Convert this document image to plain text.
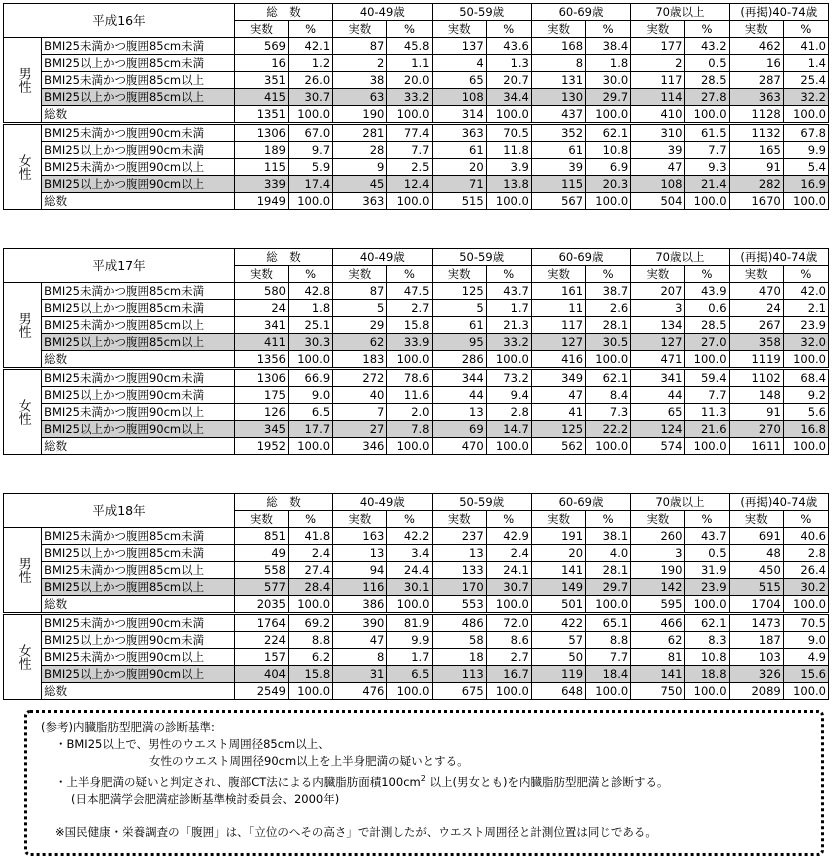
平成16年		総　数		40-49歳		50-59歳		60-69歳		70歳以上		(再掲)40-74歳	
		実数	%	実数	%	実数	%	実数	%	実数	%	実数	%
男性	BMI25未満かつ腹囲85cm未満	569	42.1	87	45.8	137	43.6	168	38.4	177	43.2	462	41.0
	BMI25以上かつ腹囲85cm未満	16	1.2	2	1.1	4	1.3	8	1.8	2	0.5	16	1.4
	BMI25未満かつ腹囲85cm以上	351	26.0	38	20.0	65	20.7	131	30.0	117	28.5	287	25.4
	BMI25以上かつ腹囲85cm以上	415	30.7	63	33.2	108	34.4	130	29.7	114	27.8	363	32.2
	総数	1351	100.0	190	100.0	314	100.0	437	100.0	410	100.0	1128	100.0
女性	BMI25未満かつ腹囲90cm未満	1306	67.0	281	77.4	363	70.5	352	62.1	310	61.5	1132	67.8
	BMI25以上かつ腹囲90cm未満	189	9.7	28	7.7	61	11.8	61	10.8	39	7.7	165	9.9
	BMI25未満かつ腹囲90cm以上	115	5.9	9	2.5	20	3.9	39	6.9	47	9.3	91	5.4
	BMI25以上かつ腹囲90cm以上	339	17.4	45	12.4	71	13.8	115	20.3	108	21.4	282	16.9
	総数	1949	100.0	363	100.0	515	100.0	567	100.0	504	100.0	1670	100.0
平成17年		総　数		40-49歳		50-59歳		60-69歳		70歳以上		(再掲)40-74歳	
		実数	%	実数	%	実数	%	実数	%	実数	%	実数	%
男性	BMI25未満かつ腹囲85cm未満	580	42.8	87	47.5	125	43.7	161	38.7	207	43.9	470	42.0
	BMI25以上かつ腹囲85cm未満	24	1.8	5	2.7	5	1.7	11	2.6	3	0.6	24	2.1
	BMI25未満かつ腹囲85cm以上	341	25.1	29	15.8	61	21.3	117	28.1	134	28.5	267	23.9
	BMI25以上かつ腹囲85cm以上	411	30.3	62	33.9	95	33.2	127	30.5	127	27.0	358	32.0
	総数	1356	100.0	183	100.0	286	100.0	416	100.0	471	100.0	1119	100.0
女性	BMI25未満かつ腹囲90cm未満	1306	66.9	272	78.6	344	73.2	349	62.1	341	59.4	1102	68.4
	BMI25以上かつ腹囲90cm未満	175	9.0	40	11.6	44	9.4	47	8.4	44	7.7	148	9.2
	BMI25未満かつ腹囲90cm以上	126	6.5	7	2.0	13	2.8	41	7.3	65	11.3	91	5.6
	BMI25以上かつ腹囲90cm以上	345	17.7	27	7.8	69	14.7	125	22.2	124	21.6	270	16.8
	総数	1952	100.0	346	100.0	470	100.0	562	100.0	574	100.0	1611	100.0
平成18年		総　数		40-49歳		50-59歳		60-69歳		70歳以上		(再掲)40-74歳	
		実数	%	実数	%	実数	%	実数	%	実数	%	実数	%
男性	BMI25未満かつ腹囲85cm未満	851	41.8	163	42.2	237	42.9	191	38.1	260	43.7	691	40.6
	BMI25以上かつ腹囲85cm未満	49	2.4	13	3.4	13	2.4	20	4.0	3	0.5	48	2.8
	BMI25未満かつ腹囲85cm以上	558	27.4	94	24.4	133	24.1	141	28.1	190	31.9	450	26.4
	BMI25以上かつ腹囲85cm以上	577	28.4	116	30.1	170	30.7	149	29.7	142	23.9	515	30.2
	総数	2035	100.0	386	100.0	553	100.0	501	100.0	595	100.0	1704	100.0
女性	BMI25未満かつ腹囲90cm未満	1764	69.2	390	81.9	486	72.0	422	65.1	466	62.1	1473	70.5
	BMI25以上かつ腹囲90cm未満	224	8.8	47	9.9	58	8.6	57	8.8	62	8.3	187	9.0
	BMI25未満かつ腹囲90cm以上	157	6.2	8	1.7	18	2.7	50	7.7	81	10.8	103	4.9
	BMI25以上かつ腹囲90cm以上	404	15.8	31	6.5	113	16.7	119	18.4	141	18.8	326	15.6
	総数	2549	100.0	476	100.0	675	100.0	648	100.0	750	100.0	2089	100.0

(参考)内臓脂肪型肥満の診断基準:

・BMI25以上で、男性のウエスト周囲径85cm以上、

女性のウエスト周囲径90cm以上を上半身肥満の疑いとする。

・上半身肥満の疑いと判定され、腹部CT法による内臓脂肪面積$100cm^2$ 以上(男女とも)を内臓脂肪型肥満と診断する。

(日本肥満学会肥満症診断基準検討委員会、2000年)

※国民健康・栄養調査の「腹囲」は、「立位のへその高さ」で計測したが、ウエスト周囲径と計測位置は同じである。
